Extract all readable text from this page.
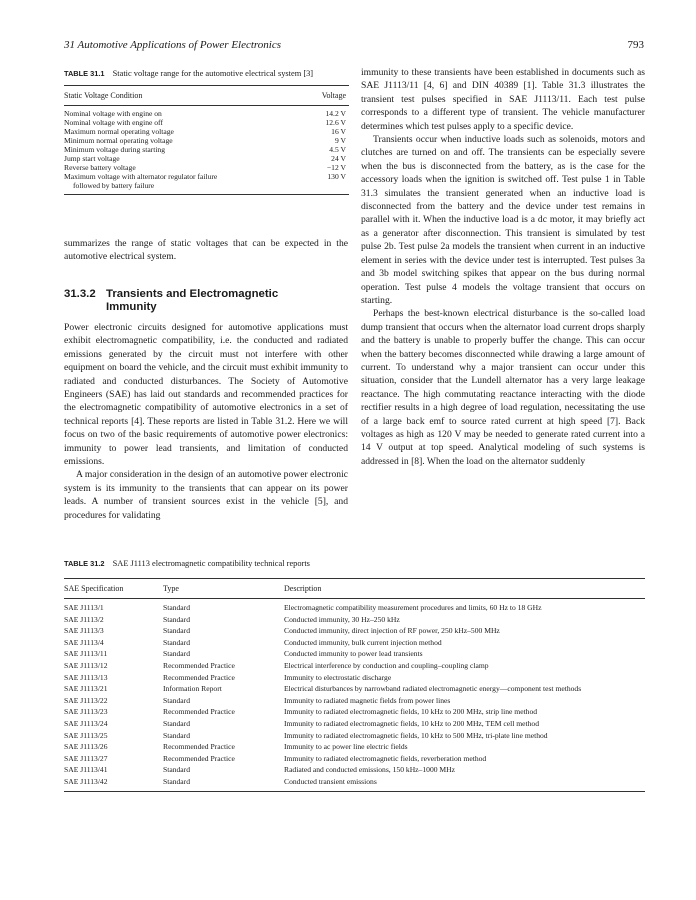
31 Automotive Applications of Power Electronics	793
TABLE 31.1 Static voltage range for the automotive electrical system [3]
Static Voltage Condition	Voltage
Nominal voltage with engine on	14.2 V
Nominal voltage with engine off	12.6 V
Maximum normal operating voltage	16 V
Minimum normal operating voltage	9 V
Minimum voltage during starting	4.5 V
Jump start voltage	24 V
Reverse battery voltage	−12 V
Maximum voltage with alternator regulator failure	130 V
followed by battery failure

summarizes the range of static voltages that can be expected in the automotive electrical system.

31.3.2 Transients and Electromagnetic
Immunity

Power electronic circuits designed for automotive applications must exhibit electromagnetic compatibility, i.e. the conducted and radiated emissions generated by the circuit must not interfere with other equipment on board the vehicle, and the circuit must exhibit immunity to radiated and conducted disturbances. The Society of Automotive Engineers (SAE) has laid out standards and recommended practices for the electromagnetic compatibility of automotive electronics in a set of technical reports [4]. These reports are listed in Table 31.2. Here we will focus on two of the basic requirements of automotive power electronics: immunity to power lead transients, and limitation of conducted emissions.

A major consideration in the design of an automotive power electronic system is its immunity to the transients that can appear on its power leads. A number of transient sources exist in the vehicle [5], and procedures for validating

immunity to these transients have been established in documents such as SAE J1113/11 [4, 6] and DIN 40389 [1]. Table 31.3 illustrates the transient test pulses specified in SAE J1113/11. Each test pulse corresponds to a different type of transient. The vehicle manufacturer determines which test pulses apply to a specific device.

Transients occur when inductive loads such as solenoids, motors and clutches are turned on and off. The transients can be especially severe when the bus is disconnected from the battery, as is the case for the accessory loads when the ignition is switched off. Test pulse 1 in Table 31.3 simulates the transient generated when an inductive load is disconnected from the battery and the device under test remains in parallel with it. When the inductive load is a dc motor, it may briefly act as a generator after disconnection. This transient is simulated by test pulse 2b. Test pulse 2a models the transient when current in an inductive element in series with the device under test is interrupted. Test pulses 3a and 3b model switching spikes that appear on the bus during normal operation. Test pulse 4 models the voltage transient that occurs on starting.

Perhaps the best-known electrical disturbance is the so-called load dump transient that occurs when the alternator load current drops sharply and the battery is unable to properly buffer the change. This can occur when the battery becomes disconnected while drawing a large amount of current. To understand why a major transient can occur under this situation, consider that the Lundell alternator has a very large leakage reactance. The high commutating reactance interacting with the diode rectifier results in a high degree of load regulation, necessitating the use of a large back emf to source rated current at high speed [7]. Back voltages as high as 120 V may be needed to generate rated current into a 14 V output at top speed. Analytical modeling of such systems is addressed in [8]. When the load on the alternator suddenly

TABLE 31.2 SAE J1113 electromagnetic compatibility technical reports
SAE Specification	Type	Description
SAE J1113/1	Standard	Electromagnetic compatibility measurement procedures and limits, 60 Hz to 18 GHz
SAE J1113/2	Standard	Conducted immunity, 30 Hz–250 kHz
SAE J1113/3	Standard	Conducted immunity, direct injection of RF power, 250 kHz–500 MHz
SAE J1113/4	Standard	Conducted immunity, bulk current injection method
SAE J1113/11	Standard	Conducted immunity to power lead transients
SAE J1113/12	Recommended Practice	Electrical interference by conduction and coupling–coupling clamp
SAE J1113/13	Recommended Practice	Immunity to electrostatic discharge
SAE J1113/21	Information Report	Electrical disturbances by narrowband radiated electromagnetic energy—component test methods
SAE J1113/22	Standard	Immunity to radiated magnetic fields from power lines
SAE J1113/23	Recommended Practice	Immunity to radiated electromagnetic fields, 10 kHz to 200 MHz, strip line method
SAE J1113/24	Standard	Immunity to radiated electromagnetic fields, 10 kHz to 200 MHz, TEM cell method
SAE J1113/25	Standard	Immunity to radiated electromagnetic fields, 10 kHz to 500 MHz, tri-plate line method
SAE J1113/26	Recommended Practice	Immunity to ac power line electric fields
SAE J1113/27	Recommended Practice	Immunity to radiated electromagnetic fields, reverberation method
SAE J1113/41	Standard	Radiated and conducted emissions, 150 kHz–1000 MHz
SAE J1113/42	Standard	Conducted transient emissions
